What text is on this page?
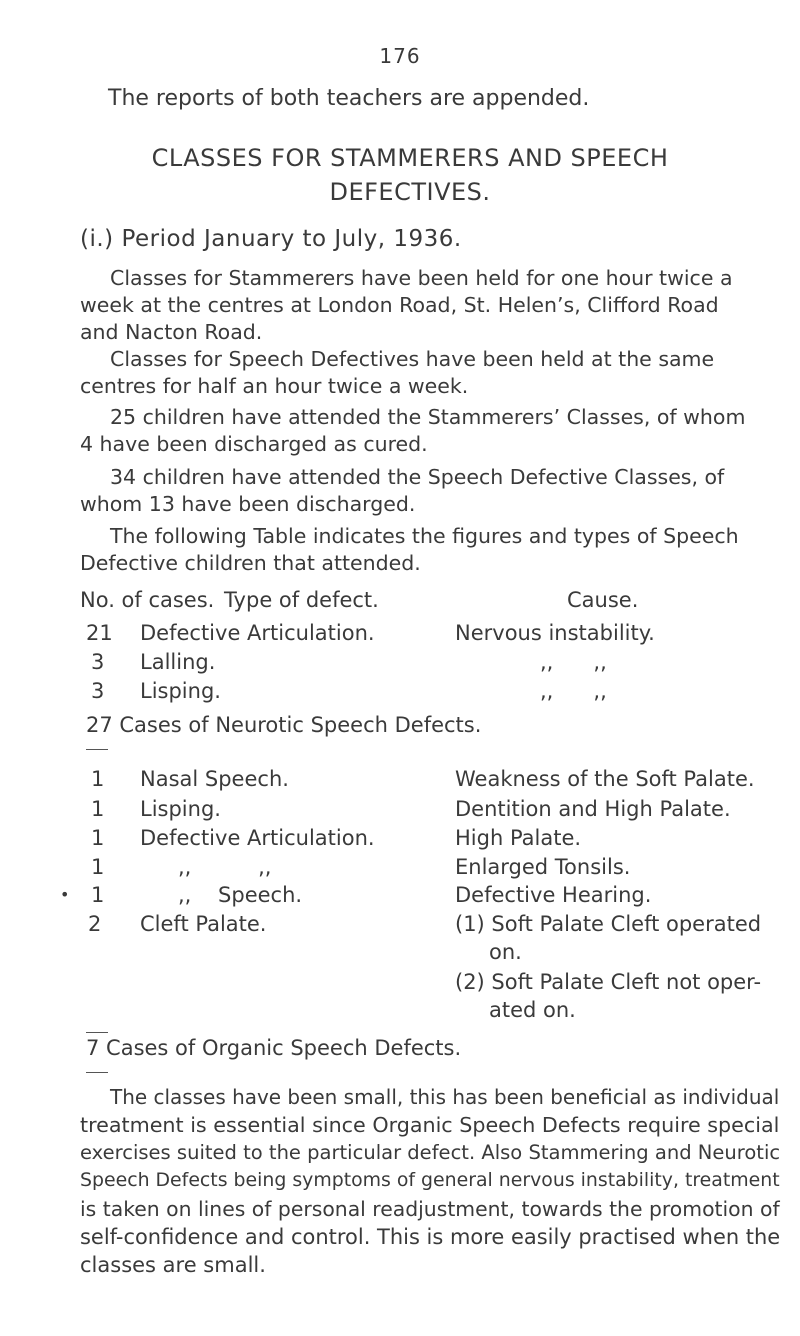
176
The reports of both teachers are appended.
CLASSES FOR STAMMERERS AND SPEECH
DEFECTIVES.
(i.) Period January to July, 1936.
Classes for Stammerers have been held for one hour twice a week at the centres at London Road, St. Helen’s, Clifford Road and Nacton Road.
Classes for Speech Defectives have been held at the same centres for half an hour twice a week.
25 children have attended the Stammerers’ Classes, of whom 4 have been discharged as cured.
34 children have attended the Speech Defective Classes, of whom 13 have been discharged.
The following Table indicates the figures and types of Speech Defective children that attended.
No. of cases. Type of defect.	Cause.
21 Defective Articulation.	Nervous instability.
3 Lalling.	,,      ,,
3 Lisping.	,,      ,,
27 Cases of Neurotic Speech Defects.
1 Nasal Speech.	Weakness of the Soft Palate.
1 Lisping.	Dentition and High Palate.
1 Defective Articulation.	High Palate.
1	,,          ,,	Enlarged Tonsils.
• 1	,,    Speech.	Defective Hearing.
2 Cleft Palate.	(1) Soft Palate Cleft operated
on.
(2) Soft Palate Cleft not oper-
ated on.
7 Cases of Organic Speech Defects.
The classes have been small, this has been beneficial as individual
treatment is essential since Organic Speech Defects require special
exercises suited to the particular defect. Also Stammering and Neurotic
Speech Defects being symptoms of general nervous instability, treatment
is taken on lines of personal readjustment, towards the promotion of
self-confidence and control. This is more easily practised when the
classes are small.
